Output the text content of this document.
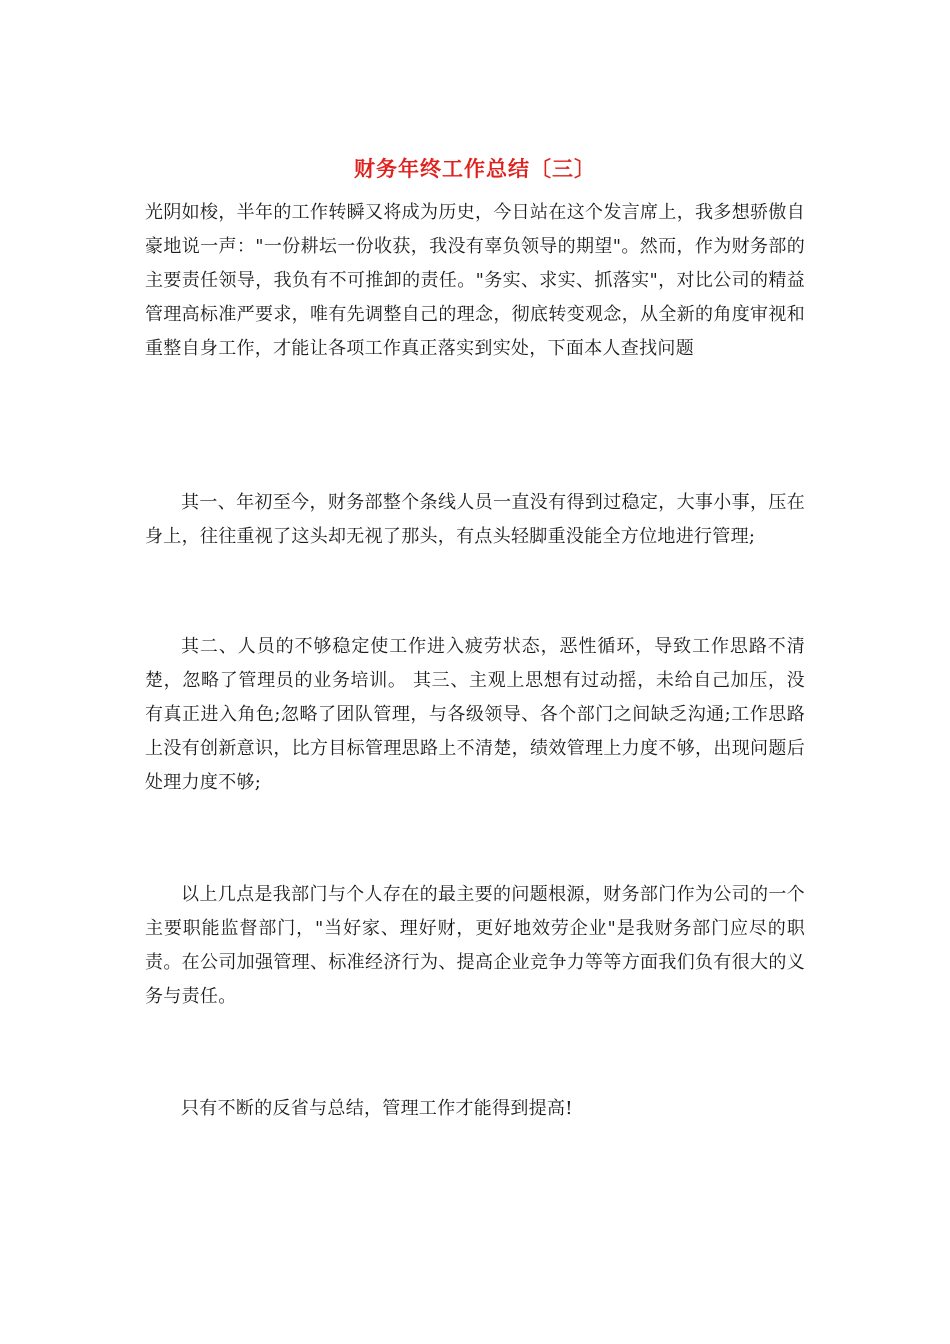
财务年终工作总结〔三〕

光阴如梭，半年的工作转瞬又将成为历史，今日站在这个发言席上，我多想骄傲自豪地说一声："一份耕坛一份收获，我没有辜负领导的期望"。然而，作为财务部的主要责任领导，我负有不可推卸的责任。"务实、求实、抓落实"，对比公司的精益管理高标准严要求，唯有先调整自己的理念，彻底转变观念，从全新的角度审视和重整自身工作，才能让各项工作真正落实到实处，下面本人查找问题

其一、年初至今，财务部整个条线人员一直没有得到过稳定，大事小事，压在身上，往往重视了这头却无视了那头，有点头轻脚重没能全方位地进行管理;

其二、人员的不够稳定使工作进入疲劳状态，恶性循环，导致工作思路不清楚，忽略了管理员的业务培训。 其三、主观上思想有过动摇，未给自己加压，没有真正进入角色;忽略了团队管理，与各级领导、各个部门之间缺乏沟通;工作思路上没有创新意识，比方目标管理思路上不清楚，绩效管理上力度不够，出现问题后处理力度不够;

以上几点是我部门与个人存在的最主要的问题根源，财务部门作为公司的一个主要职能监督部门，"当好家、理好财，更好地效劳企业"是我财务部门应尽的职责。在公司加强管理、标准经济行为、提高企业竞争力等等方面我们负有很大的义务与责任。

只有不断的反省与总结，管理工作才能得到提高!
